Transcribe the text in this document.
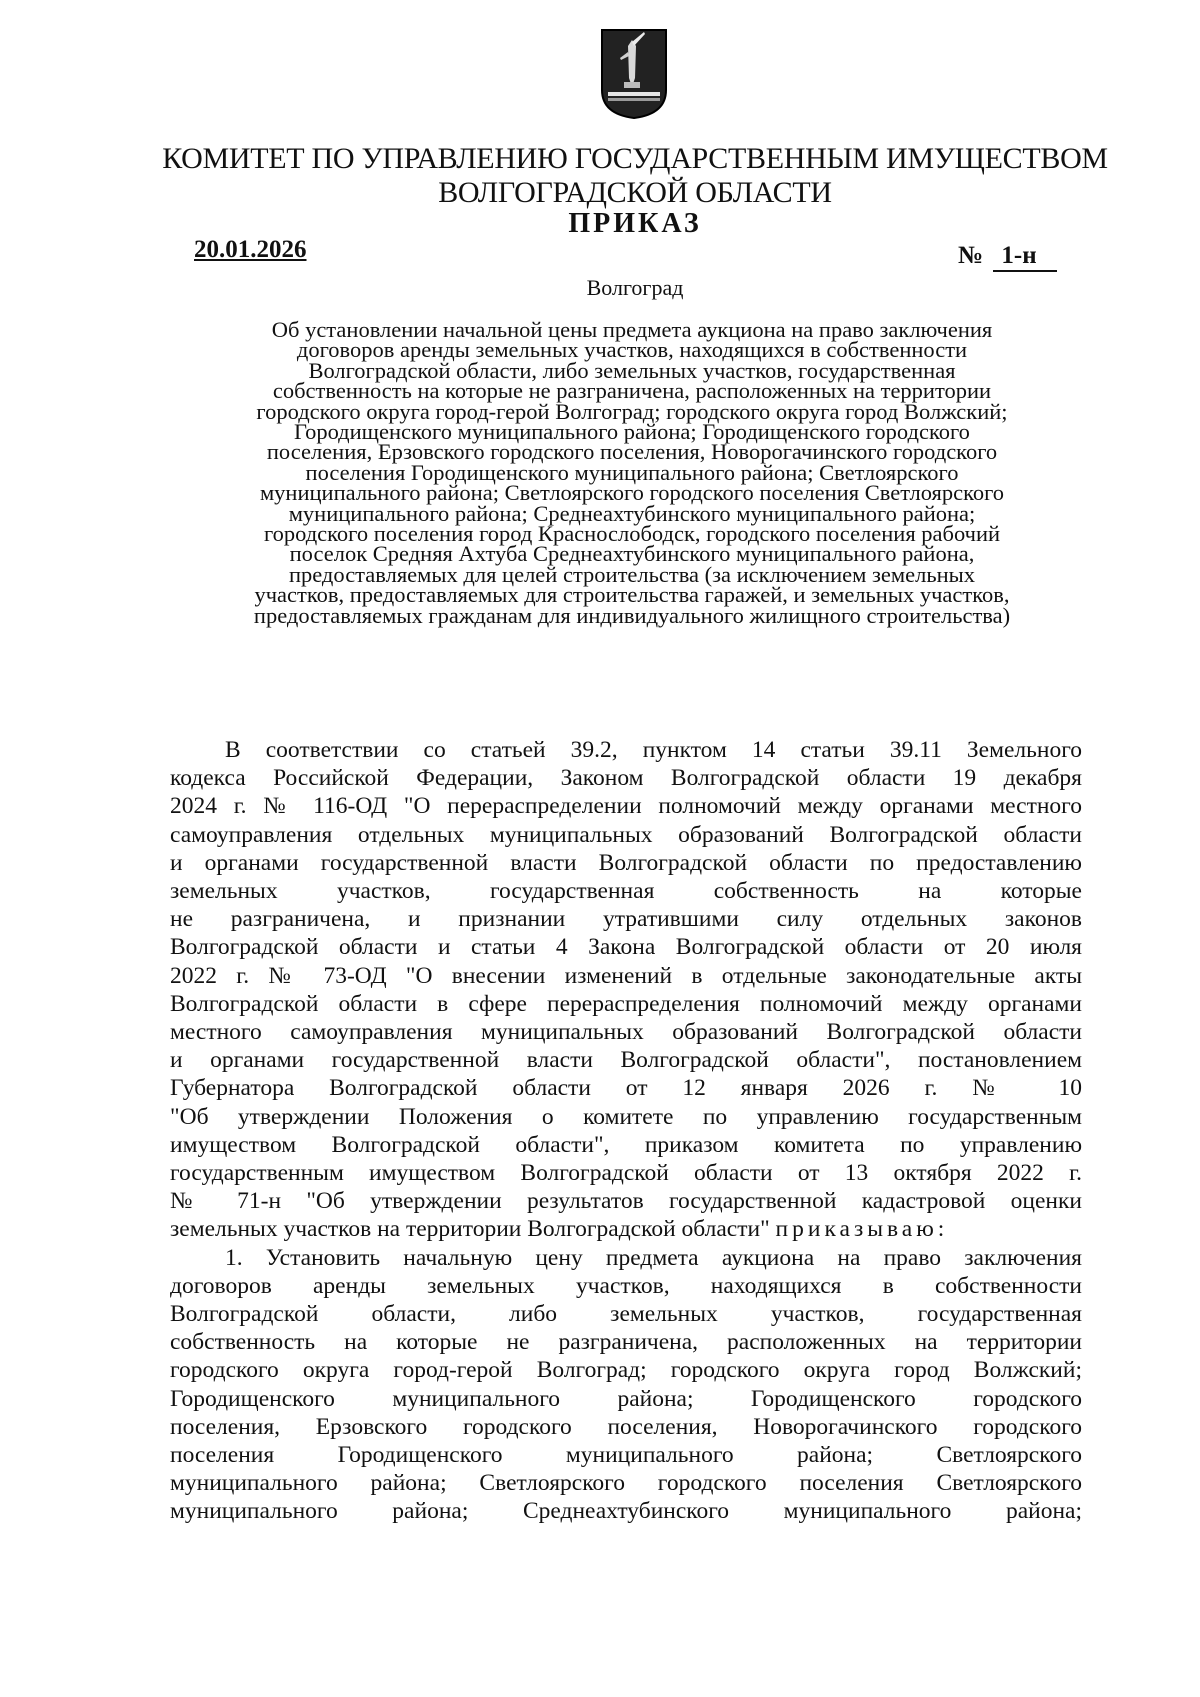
КОМИТЕТ ПО УПРАВЛЕНИЮ ГОСУДАРСТВЕННЫМ ИМУЩЕСТВОМ
ВОЛГОГРАДСКОЙ ОБЛАСТИ
ПРИКАЗ
20.01.2026	№ 1-н
Волгоград
Об установлении начальной цены предмета аукциона на право заключения
договоров аренды земельных участков, находящихся в собственности
Волгоградской области, либо земельных участков, государственная
собственность на которые не разграничена, расположенных на территории
городского округа город-герой Волгоград; городского округа город Волжский;
Городищенского муниципального района; Городищенского городского
поселения, Ерзовского городского поселения, Новорогачинского городского
поселения Городищенского муниципального района; Светлоярского
муниципального района; Светлоярского городского поселения Светлоярского
муниципального района; Среднеахтубинского муниципального района;
городского поселения город Краснослободск, городского поселения рабочий
поселок Средняя Ахтуба Среднеахтубинского муниципального района,
предоставляемых для целей строительства (за исключением земельных
участков, предоставляемых для строительства гаражей, и земельных участков,
предоставляемых гражданам для индивидуального жилищного строительства)
В соответствии со статьей 39.2, пунктом 14 статьи 39.11 Земельного
кодекса Российской Федерации, Законом Волгоградской области 19 декабря
2024 г. № 116-ОД "О перераспределении полномочий между органами местного
самоуправления отдельных муниципальных образований Волгоградской области
и органами государственной власти Волгоградской области по предоставлению
земельных участков, государственная собственность на которые
не разграничена, и признании утратившими силу отдельных законов
Волгоградской области и статьи 4 Закона Волгоградской области от 20 июля
2022 г. № 73-ОД "О внесении изменений в отдельные законодательные акты
Волгоградской области в сфере перераспределения полномочий между органами
местного самоуправления муниципальных образований Волгоградской области
и органами государственной власти Волгоградской области", постановлением
Губернатора Волгоградской области от 12 января 2026 г. № 10
"Об утверждении Положения о комитете по управлению государственным
имуществом Волгоградской области", приказом комитета по управлению
государственным имуществом Волгоградской области от 13 октября 2022 г.
№ 71-н "Об утверждении результатов государственной кадастровой оценки
земельных участков на территории Волгоградской области" приказываю:
1. Установить начальную цену предмета аукциона на право заключения
договоров аренды земельных участков, находящихся в собственности
Волгоградской области, либо земельных участков, государственная
собственность на которые не разграничена, расположенных на территории
городского округа город-герой Волгоград; городского округа город Волжский;
Городищенского муниципального района; Городищенского городского
поселения, Ерзовского городского поселения, Новорогачинского городского
поселения Городищенского муниципального района; Светлоярского
муниципального района; Светлоярского городского поселения Светлоярского
муниципального района; Среднеахтубинского муниципального района;
